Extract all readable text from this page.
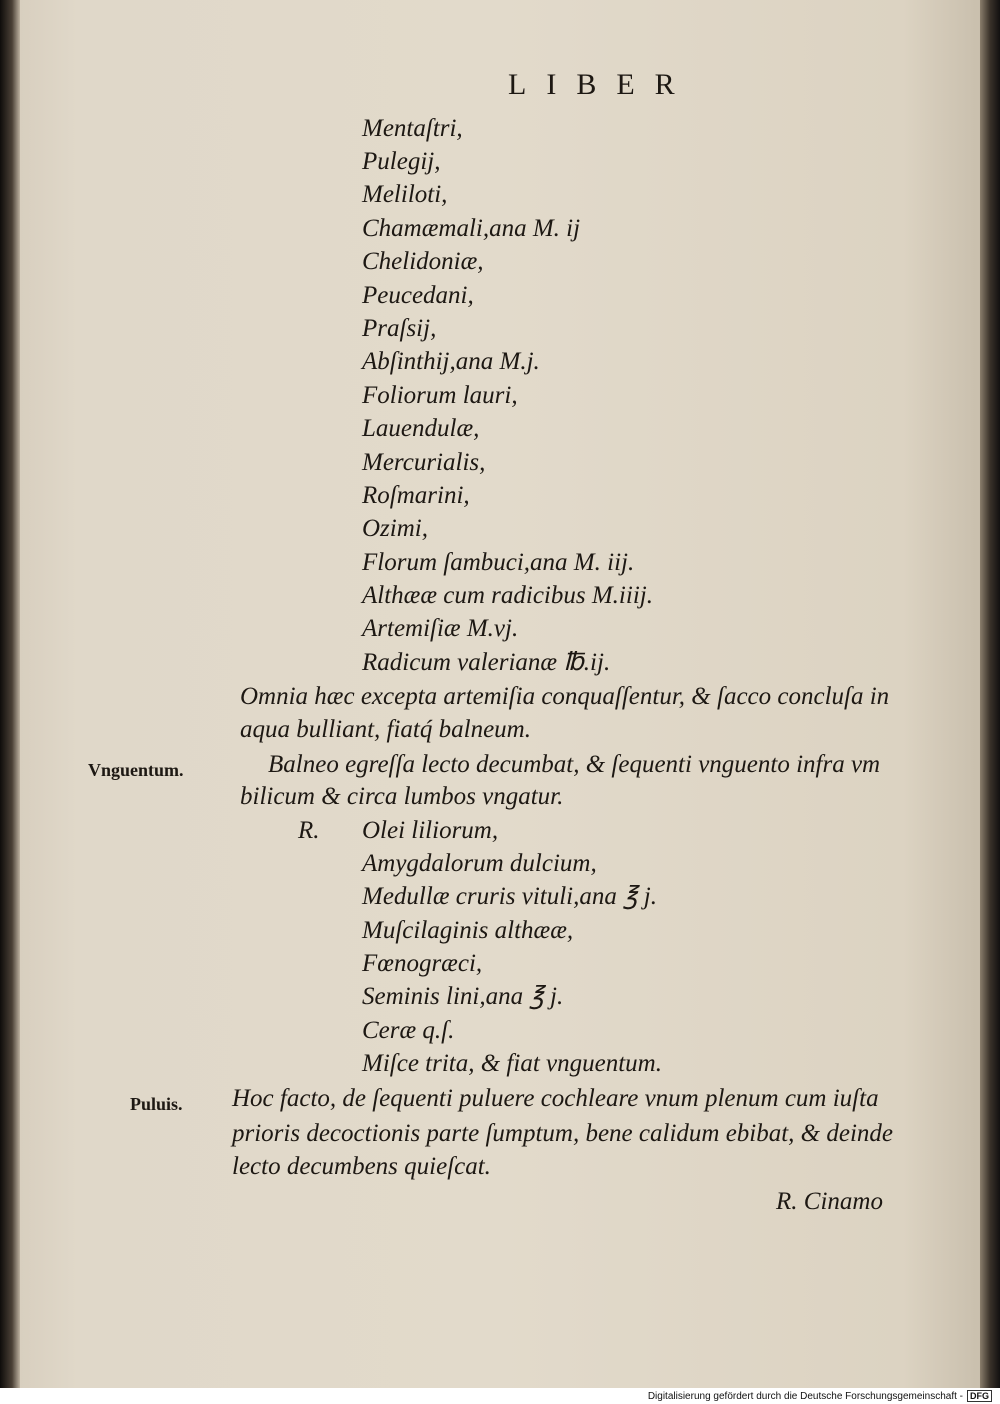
LIBER
Mentaſtri,
Pulegij,
Meliloti,
Chamæmali,ana M. ij
Chelidoniæ,
Peucedani,
Praſsij,
Abſinthij,ana M.j.
Foliorum lauri,
Lauendulæ,
Mercurialis,
Roſmarini,
Ozimi,
Florum ſambuci,ana M. iij.
Althææ cum radicibus M.iiij.
Artemiſiæ M.vj.
Radicum valerianæ ℔.ij.
Omnia hæc excepta artemiſia conquaſſentur, & ſacco concluſa in
aqua bulliant, fiatq́ balneum.
Vnguentum.	Balneo egreſſa lecto decumbat, & ſequenti vnguento infra vm
bilicum & circa lumbos vngatur.
R. Olei liliorum,
Amygdalorum dulcium,
Medullæ cruris vituli,ana ℥ j.
Muſcilaginis althææ,
Fœnogræci,
Seminis lini,ana ℥ j.
Ceræ q.ſ.
Miſce trita, & fiat vnguentum.
Puluis. Hoc facto, de ſequenti puluere cochleare vnum plenum cum iuſta
prioris decoctionis parte ſumptum, bene calidum ebibat, & deinde
lecto decumbens quieſcat.
R. Cinamo
Digitalisierung gefördert durch die Deutsche Forschungsgemeinschaft - DFG
